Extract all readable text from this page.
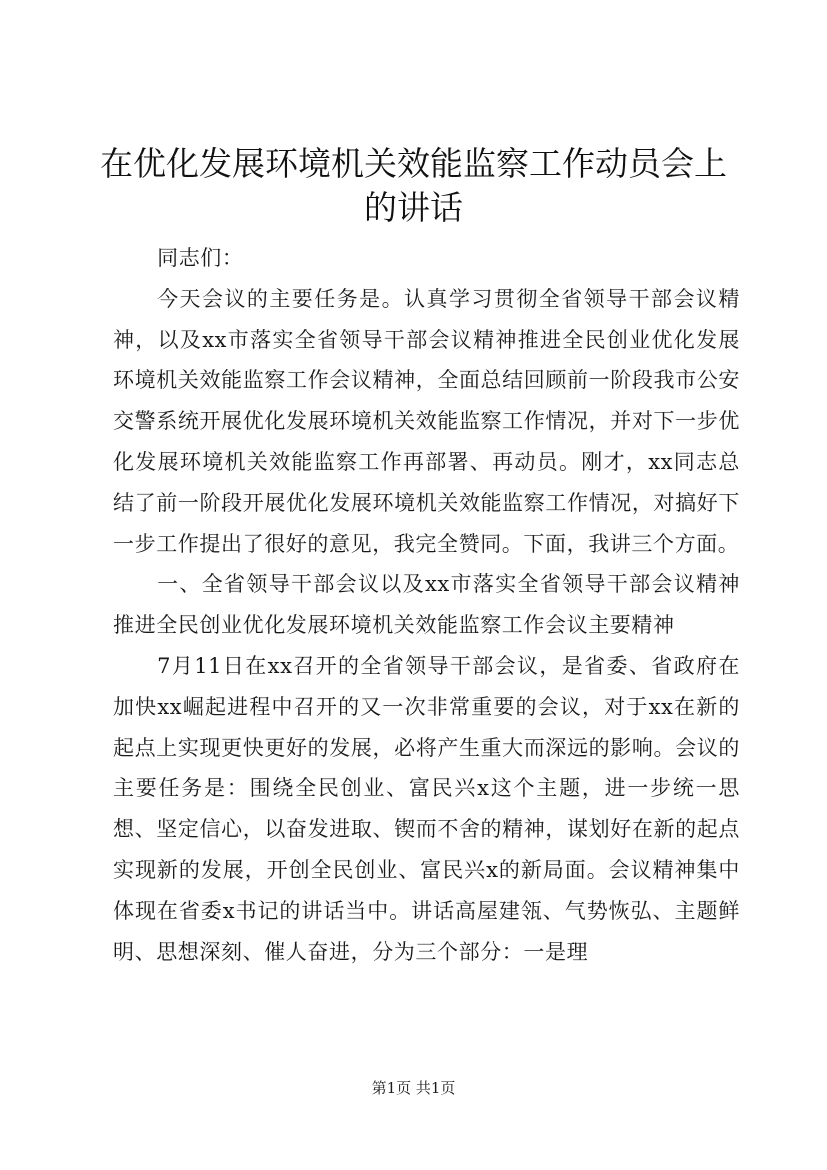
在优化发展环境机关效能监察工作动员会上的讲话

同志们：

今天会议的主要任务是。认真学习贯彻全省领导干部会议精神，以及xx市落实全省领导干部会议精神推进全民创业优化发展环境机关效能监察工作会议精神，全面总结回顾前一阶段我市公安交警系统开展优化发展环境机关效能监察工作情况，并对下一步优化发展环境机关效能监察工作再部署、再动员。刚才，xx同志总结了前一阶段开展优化发展环境机关效能监察工作情况，对搞好下一步工作提出了很好的意见，我完全赞同。下面，我讲三个方面。

一、全省领导干部会议以及xx市落实全省领导干部会议精神推进全民创业优化发展环境机关效能监察工作会议主要精神

7月11日在xx召开的全省领导干部会议，是省委、省政府在加快xx崛起进程中召开的又一次非常重要的会议，对于xx在新的起点上实现更快更好的发展，必将产生重大而深远的影响。会议的主要任务是：围绕全民创业、富民兴x这个主题，进一步统一思想、坚定信心，以奋发进取、锲而不舍的精神，谋划好在新的起点实现新的发展，开创全民创业、富民兴x的新局面。会议精神集中体现在省委x书记的讲话当中。讲话高屋建瓴、气势恢弘、主题鲜明、思想深刻、催人奋进，分为三个部分：一是理

第1页 共1页
